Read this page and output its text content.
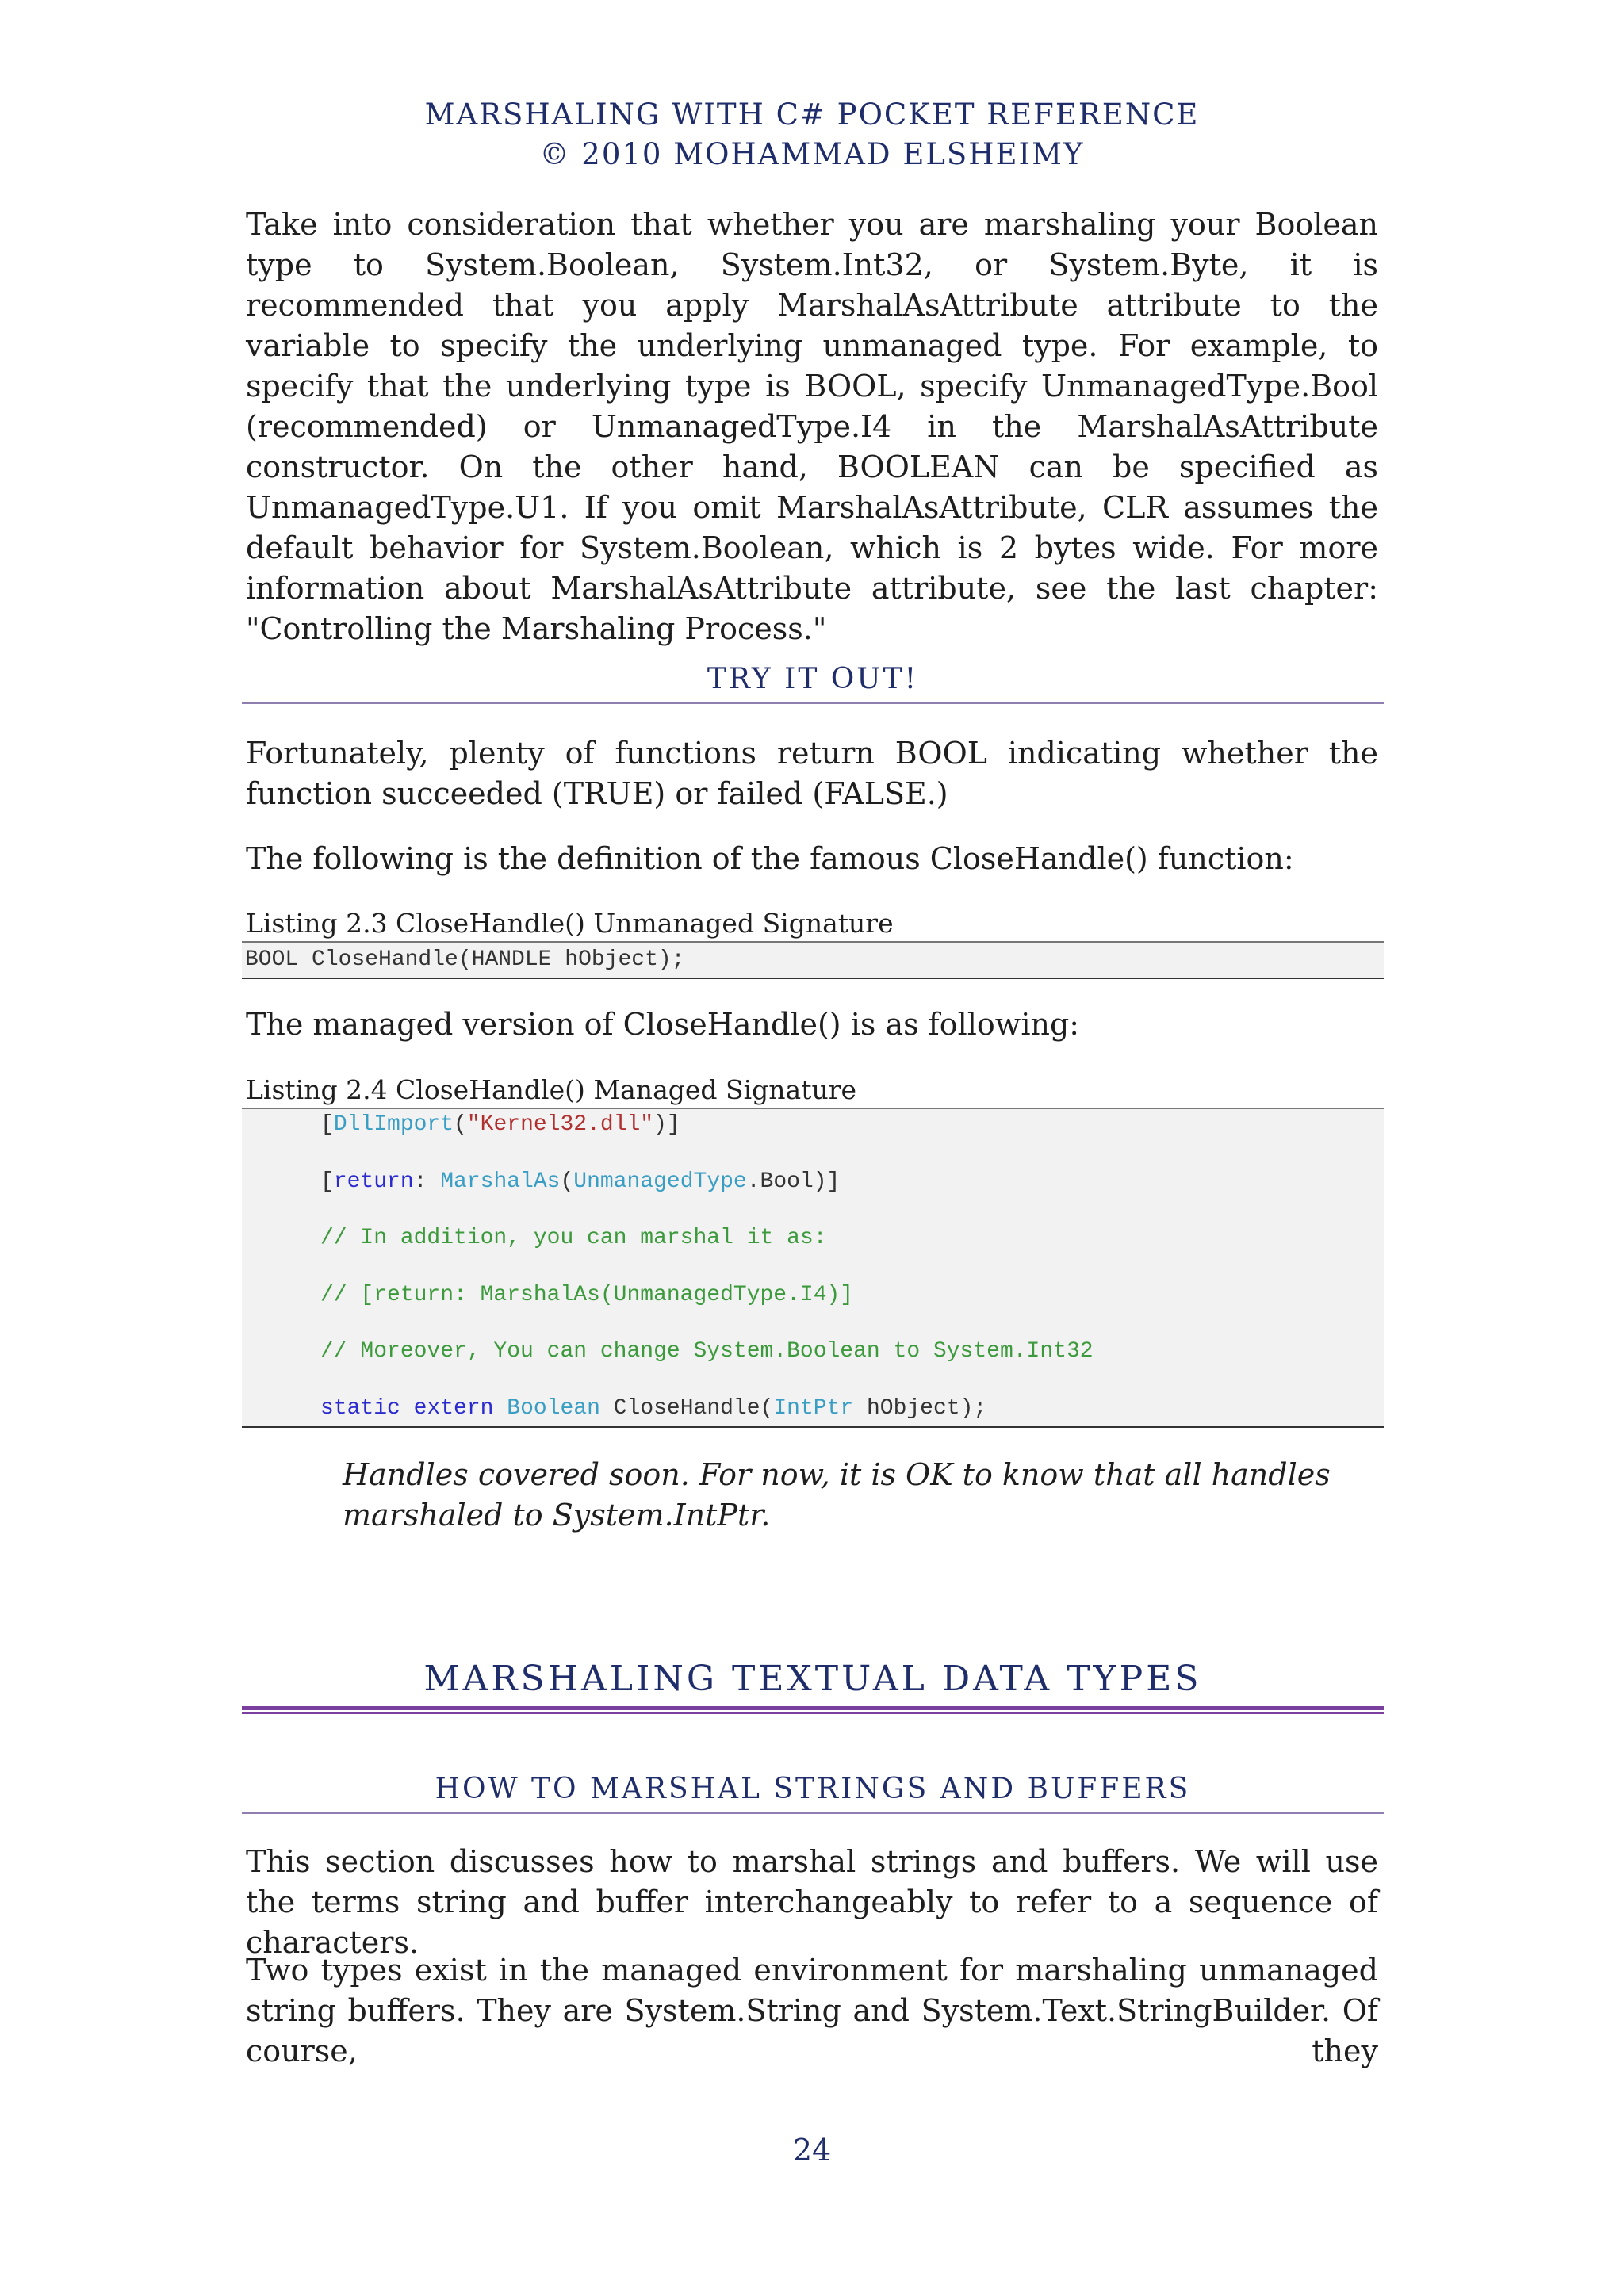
MARSHALING WITH C# POCKET REFERENCE
© 2010 MOHAMMAD ELSHEIMY

Take into consideration that whether you are marshaling your Boolean type to System.Boolean, System.Int32, or System.Byte, it is recommended that you apply MarshalAsAttribute attribute to the variable to specify the underlying unmanaged type. For example, to specify that the underlying type is BOOL, specify UnmanagedType.Bool (recommended) or UnmanagedType.I4 in the MarshalAsAttribute constructor. On the other hand, BOOLEAN can be specified as UnmanagedType.U1. If you omit MarshalAsAttribute, CLR assumes the default behavior for System.Boolean, which is 2 bytes wide. For more information about MarshalAsAttribute attribute, see the last chapter: "Controlling the Marshaling Process."

TRY IT OUT!

Fortunately, plenty of functions return BOOL indicating whether the function succeeded (TRUE) or failed (FALSE.)

The following is the definition of the famous CloseHandle() function:

Listing 2.3 CloseHandle() Unmanaged Signature
BOOL CloseHandle(HANDLE hObject);

The managed version of CloseHandle() is as following:

Listing 2.4 CloseHandle() Managed Signature
[DllImport("Kernel32.dll")]
[return: MarshalAs(UnmanagedType.Bool)]
// In addition, you can marshal it as:
// [return: MarshalAs(UnmanagedType.I4)]
// Moreover, You can change System.Boolean to System.Int32
static extern Boolean CloseHandle(IntPtr hObject);

Handles covered soon. For now, it is OK to know that all handles marshaled to System.IntPtr.

MARSHALING TEXTUAL DATA TYPES
HOW TO MARSHAL STRINGS AND BUFFERS

This section discusses how to marshal strings and buffers. We will use the terms string and buffer interchangeably to refer to a sequence of characters.

Two types exist in the managed environment for marshaling unmanaged string buffers. They are System.String and System.Text.StringBuilder. Of course, they

24
